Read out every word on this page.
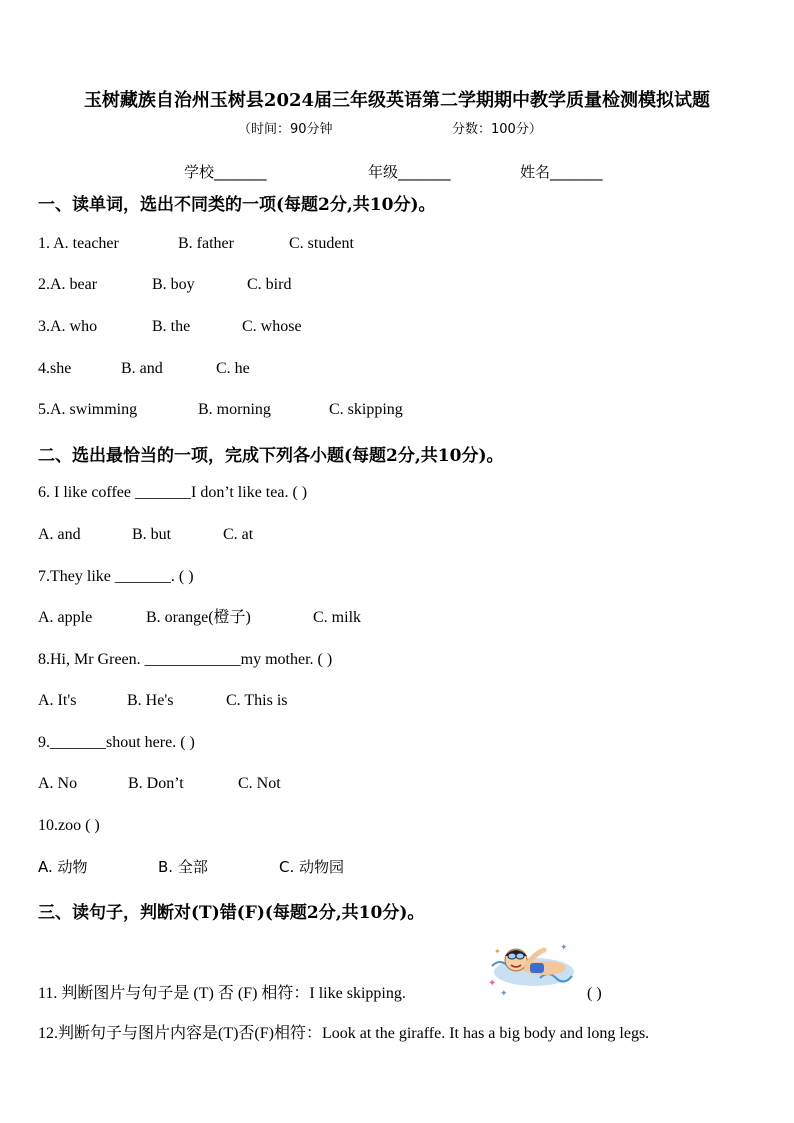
玉树藏族自治州玉树县2024届三年级英语第二学期期中教学质量检测模拟试题
（时间：90分钟	分数：100分）
学校_______	年级_______	姓名_______
一、读单词，选出不同类的一项(每题2分,共10分)。
1. A. teacher	B. father	C. student
2.A. bear	B. boy	C. bird
3.A. who	B. the	C. whose
4.she	B. and	C. he
5.A. swimming	B. morning	C. skipping
二、选出最恰当的一项，完成下列各小题(每题2分,共10分)。
6. I like coffee _______I don’t like tea. ( )
A. and	B. but	C. at
7.They like _______. ( )
A. apple	B. orange(橙子)	C. milk
8.Hi, Mr Green. ____________my mother. ( )
A. It's	B. He's	C. This is
9._______shout here. ( )
A. No	B. Don’t	C. Not
10.zoo ( )
A. 动物	B. 全部	C. 动物园
三、读句子，判断对(T)错(F)(每题2分,共10分)。
✦
✦
✦
✦
11. 判断图片与句子是 (T) 否 (F) 相符：I like skipping.	( )
12.判断句子与图片内容是(T)否(F)相符：Look at the giraffe. It has a big body and long legs.
